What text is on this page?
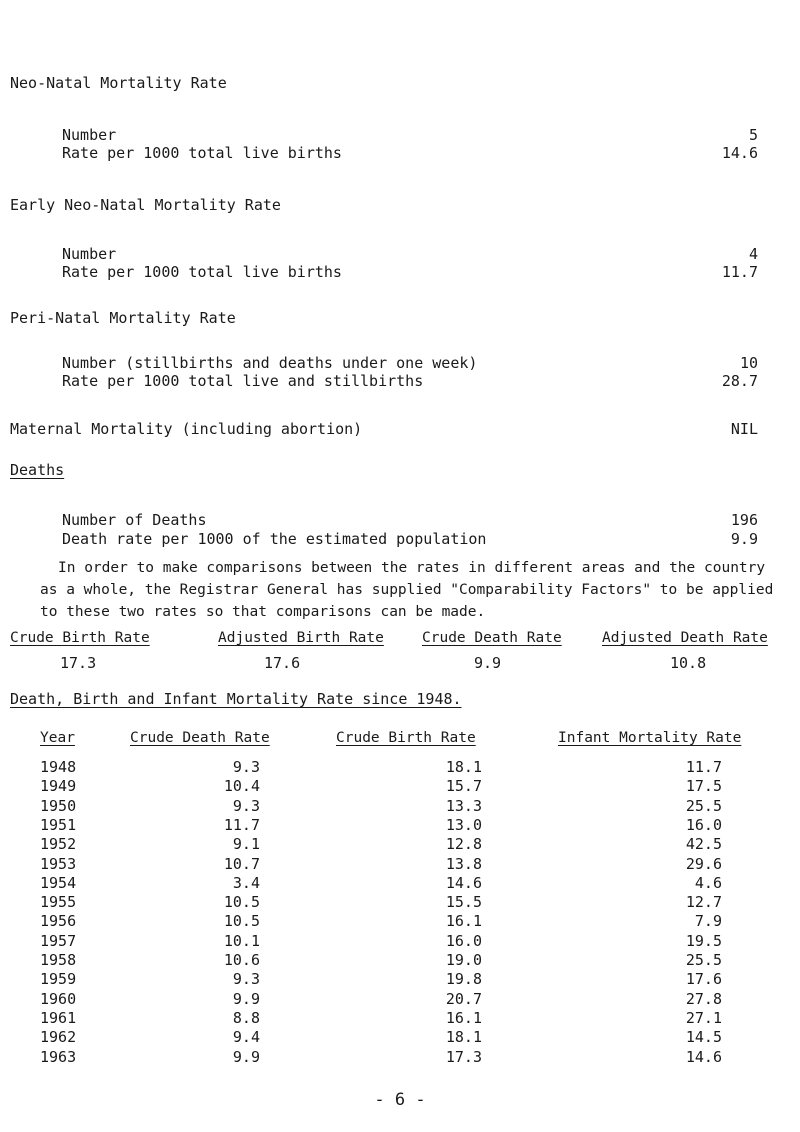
Neo-Natal Mortality Rate
Number	5
Rate per 1000 total live births	14.6
Early Neo-Natal Mortality Rate
Number	4
Rate per 1000 total live births	11.7
Peri-Natal Mortality Rate
Number (stillbirths and deaths under one week)	10
Rate per 1000 total live and stillbirths	28.7
Maternal Mortality (including abortion)	NIL
Deaths
Number of Deaths	196
Death rate per 1000 of the estimated population	9.9
In order to make comparisons between the rates in different areas and the country as a whole, the Registrar General has supplied "Comparability Factors" to be applied to these two rates so that comparisons can be made.
Crude Birth Rate	Adjusted Birth Rate	Crude Death Rate	Adjusted Death Rate
17.3	17.6	9.9	10.8
Death, Birth and Infant Mortality Rate since 1948.
Year	Crude Death Rate	Crude Birth Rate	Infant Mortality Rate
1948	9.3	18.1	11.7
1949	10.4	15.7	17.5
1950	9.3	13.3	25.5
1951	11.7	13.0	16.0
1952	9.1	12.8	42.5
1953	10.7	13.8	29.6
1954	3.4	14.6	4.6
1955	10.5	15.5	12.7
1956	10.5	16.1	7.9
1957	10.1	16.0	19.5
1958	10.6	19.0	25.5
1959	9.3	19.8	17.6
1960	9.9	20.7	27.8
1961	8.8	16.1	27.1
1962	9.4	18.1	14.5
1963	9.9	17.3	14.6
- 6 -
